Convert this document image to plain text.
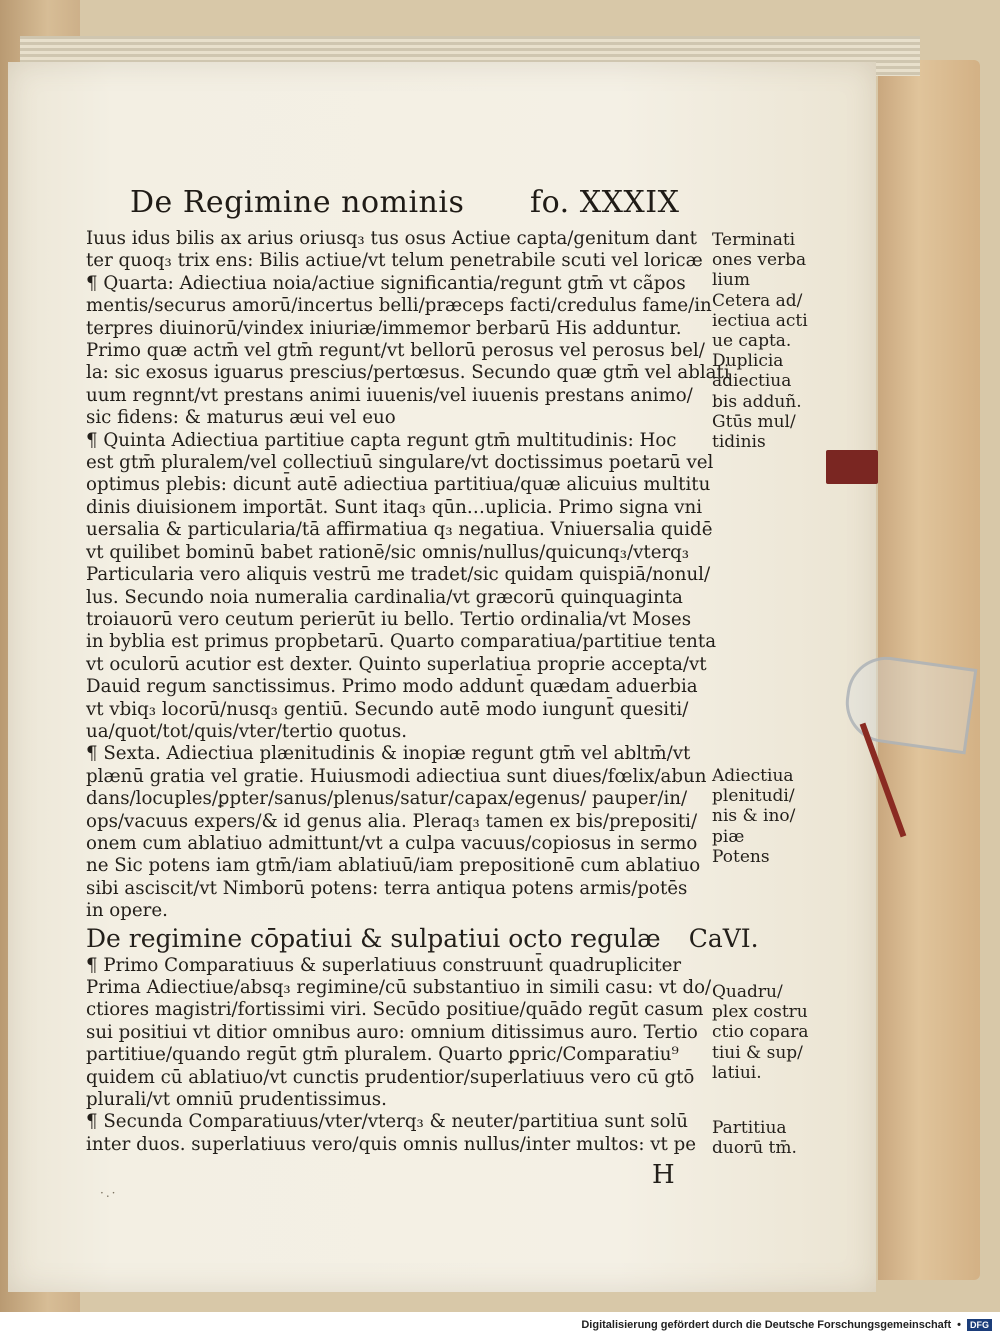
De Regimine nominis fo. XXXIX
Iuus idus bilis ax arius oriusq₃ tus osus Actiue capta/genitum dant
ter quoq₃ trix ens: Bilis actiue/vt telum penetrabile scuti vel loricæ
¶ Quarta: Adiectiua noia/actiue significantia/regunt gtm̄ vt cãpos
mentis/securus amorū/incertus belli/præceps facti/credulus fame/in
terpres diuinorū/vindex iniuriæ/immemor berbarū His adduntur.
Primo quæ actm̄ vel gtm̄ regunt/vt bellorū perosus vel perosus bel/
la: sic exosus iguarus prescius/pertœsus. Secundo quæ gtm̄ vel ablati
uum regnnt/vt prestans animi iuuenis/vel iuuenis prestans animo/
sic fidens: & maturus æui vel euo
¶ Quinta Adiectiua partitiue capta regunt gtm̄ multitudinis: Hoc
est gtm̄ pluralem/vel collectiuū singulare/vt doctissimus poetarū vel
optimus plebis: dicunt̄ autē adiectiua partitiua/quæ alicuius multitu
dinis diuisionem importāt. Sunt itaq₃ qūn…uplicia. Primo signa vni
uersalia & particularia/tā affirmatiua q₃ negatiua. Vniuersalia quidē
vt quilibet bominū babet rationē/sic omnis/nullus/quicunq₃/vterq₃
Particularia vero aliquis vestrū me tradet/sic quidam quispiā/nonul/
lus. Secundo noia numeralia cardinalia/vt græcorū quinquaginta
troiauorū vero ceutum perierūt iu bello. Tertio ordinalia/vt Moses
in byblia est primus propbetarū. Quarto comparatiua/partitiue tenta
vt oculorū acutior est dexter. Quinto superlatiua proprie accepta/vt
Dauid regum sanctissimus. Primo modo addunt̄ quædam aduerbia
vt vbiq₃ locorū/nusq₃ gentiū. Secundo autē modo iungunt̄ quesiti/
ua/quot/tot/quis/vter/tertio quotus.
¶ Sexta. Adiectiua plænitudinis & inopiæ regunt gtm̄ vel abltm̄/vt
plænū gratia vel gratie. Huiusmodi adiectiua sunt diues/fœlix/abun
dans/locuples/ꝑpter/sanus/plenus/satur/capax/egenus/ pauper/in/
ops/vacuus expers/& id genus alia. Pleraq₃ tamen ex bis/prepositi/
onem cum ablatiuo admittunt/vt a culpa vacuus/copiosus in sermo
ne Sic potens iam gtm̄/iam ablatiuū/iam prepositionē cum ablatiuo
sibi asciscit/vt Nimborū potens: terra antiqua potens armis/potēs
in opere.
De regimine cōpatiui & sulpatiui octo regulæ CaVI.
¶ Primo Comparatiuus & superlatiuus construunt̄ quadrupliciter
Prima Adiectiue/absq₃ regimine/cū substantiuo in simili casu: vt do/
ctiores magistri/fortissimi viri. Secūdo positiue/quādo regūt casum
sui positiui vt ditior omnibus auro: omnium ditissimus auro. Tertio
partitiue/quando regūt gtm̄ pluralem. Quarto ꝑpric/Comparatiu⁹
quidem cū ablatiuo/vt cunctis prudentior/superlatiuus vero cū gtō
plurali/vt omniū prudentissimus.
¶ Secunda Comparatiuus/vter/vterq₃ & neuter/partitiua sunt solū
inter duos. superlatiuus vero/quis omnis nullus/inter multos: vt pe
Terminati
ones verba
lium
Cetera ad/
iectiua acti
ue capta.
Duplicia
adiectiua
bis adduñ.
Gtūs mul/
tidinis
Adiectiua
plenitudi/
nis & ino/
piæ
Potens
Quadru/
plex costru
ctio copara
tiui & sup/
latiui.
Partitiua
duorū tm̄.
H
·.·
Digitalisierung gefördert durch die Deutsche Forschungsgemeinschaft •	DFG
